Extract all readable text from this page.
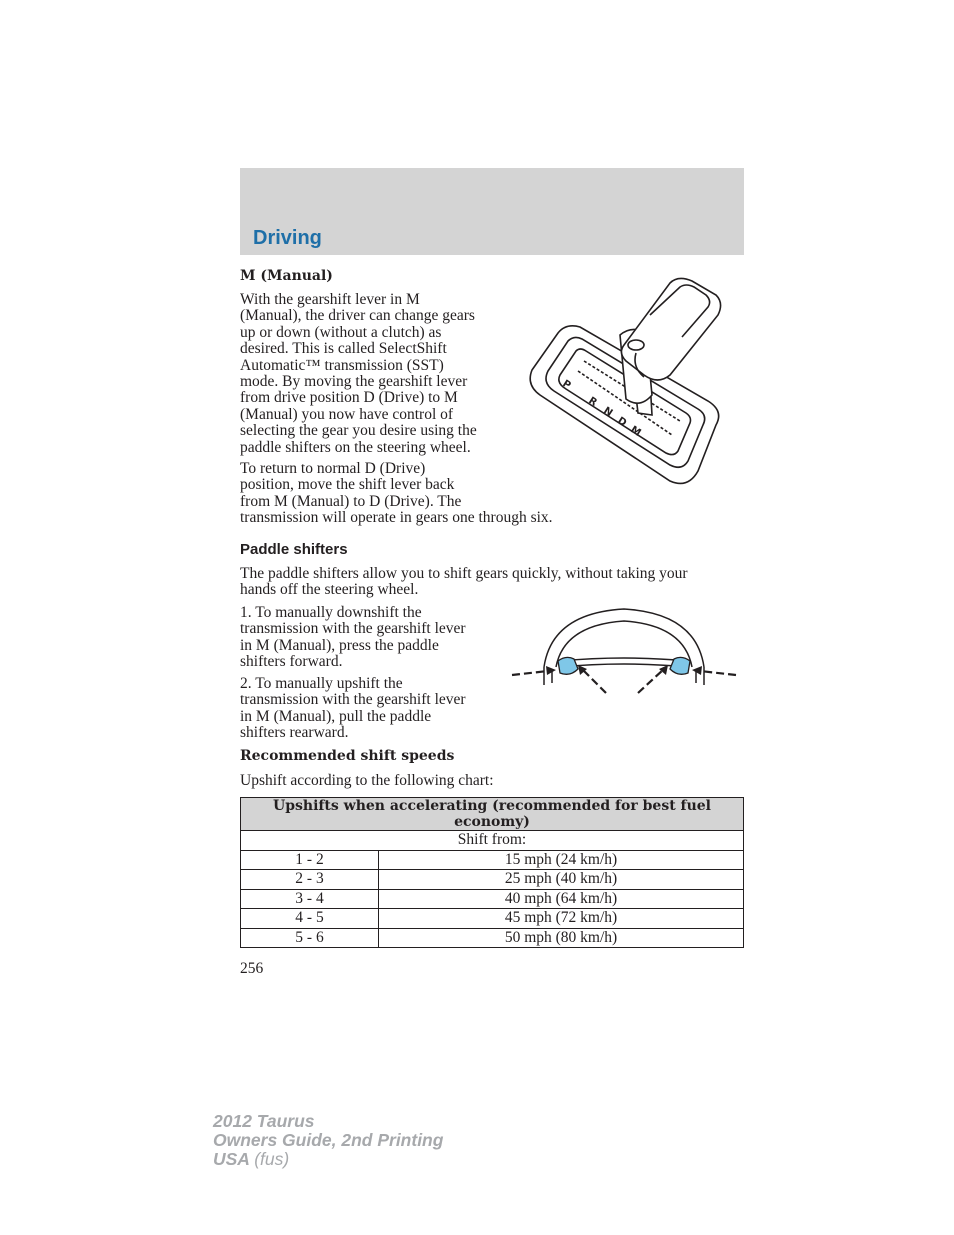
Driving
M (Manual)

With the gearshift lever in M
(Manual), the driver can change gears
up or down (without a clutch) as
desired. This is called SelectShift
Automatic™ transmission (SST)
mode. By moving the gearshift lever
from drive position D (Drive) to M
(Manual) you now have control of
selecting the gear you desire using the
paddle shifters on the steering wheel.

To return to normal D (Drive)
position, move the shift lever back
from M (Manual) to D (Drive). The
transmission will operate in gears one through six.

P
R
N
D
M
Paddle shifters

The paddle shifters allow you to shift gears quickly, without taking your
hands off the steering wheel.

1. To manually downshift the
transmission with the gearshift lever
in M (Manual), press the paddle
shifters forward.

2. To manually upshift the
transmission with the gearshift lever
in M (Manual), pull the paddle
shifters rearward.

Recommended shift speeds

Upshift according to the following chart:

Upshifts when accelerating (recommended for best fuel economy)	
Shift from:	
1 - 2	15 mph (24 km/h)
2 - 3	25 mph (40 km/h)
3 - 4	40 mph (64 km/h)
4 - 5	45 mph (72 km/h)
5 - 6	50 mph (80 km/h)
256
2012 Taurus
Owners Guide, 2nd Printing
USA (fus)
